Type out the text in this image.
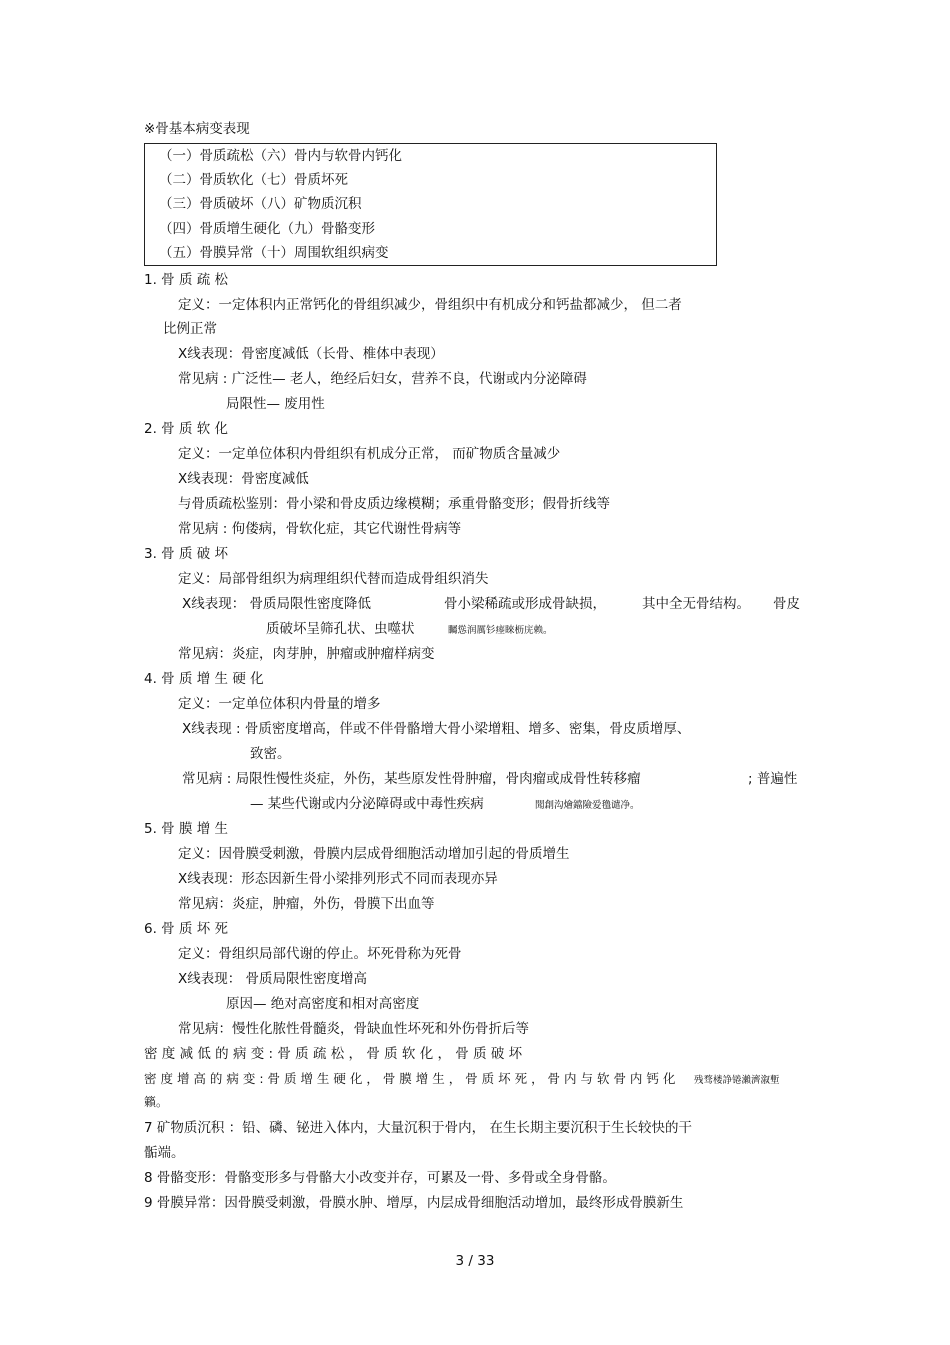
※骨基本病变表现
（一）骨质疏松（六）骨内与软骨内钙化
（二）骨质软化（七）骨质坏死
（三）骨质破坏（八）矿物质沉积
（四）骨质增生硬化（九）骨骼变形
（五）骨膜异常（十）周围软组织病变
1. 骨 质 疏 松
定义：一定体积内正常钙化的骨组织减少，骨组织中有机成分和钙盐都减少， 但二者
比例正常
X线表现：骨密度减低（长骨、椎体中表现）
常见病 : 广泛性— 老人，绝经后妇女，营养不良，代谢或内分泌障碍
局限性— 废用性
2. 骨 质 软 化
定义：一定单位体积内骨组织有机成分正常， 而矿物质含量减少
X线表现：骨密度减低
与骨质疏松鉴别：骨小梁和骨皮质边缘模糊；承重骨骼变形；假骨折线等
常见病 : 佝偻病，骨软化症，其它代谢性骨病等
3. 骨 质 破 坏
定义：局部骨组织为病理组织代替而造成骨组织消失
X线表现： 骨质局限性密度降低	骨小梁稀疏或形成骨缺损，	其中全无骨结构。 骨皮
质破坏呈筛孔状、虫噬状	矚慫润厲钐瘗睞枥庑赖。
常见病：炎症，肉芽肿，肿瘤或肿瘤样病变
4. 骨 质 增 生 硬 化
定义：一定单位体积内骨量的增多
X线表现 : 骨质密度增高，伴或不伴骨骼增大骨小梁增粗、增多、密集，骨皮质增厚、
致密。
常见病 : 局限性慢性炎症，外伤，某些原发性骨肿瘤，骨肉瘤或成骨性转移瘤	; 普遍性
— 某些代谢或内分泌障碍或中毒性疾病	聞創沟燴鐺險爱氇谴净。
5. 骨 膜 增 生
定义：因骨膜受刺激，骨膜内层成骨细胞活动增加引起的骨质增生
X线表现：形态因新生骨小梁排列形式不同而表现亦异
常见病：炎症，肿瘤，外伤，骨膜下出血等
6. 骨 质 坏 死
定义：骨组织局部代谢的停止。坏死骨称为死骨
X线表现： 骨质局限性密度增高
原因— 绝对高密度和相对高密度
常见病：慢性化脓性骨髓炎，骨缺血性坏死和外伤骨折后等
密 度 减 低 的 病 变 : 骨 质 疏 松 ， 骨 质 软 化 ， 骨 质 破 坏
密 度 增 高 的 病 变 : 骨 质 增 生 硬 化 ， 骨 膜 增 生 ， 骨 质 坏 死 ， 骨 内 与 软 骨 内 钙 化 残骛楼諍锩瀨濟溆塹
籟。
7 矿物质沉积 ：铅、磷、铋进入体内，大量沉积于骨内， 在生长期主要沉积于生长较快的干
骺端。
8 骨骼变形：骨骼变形多与骨骼大小改变并存，可累及一骨、多骨或全身骨骼。
9 骨膜异常：因骨膜受刺激，骨膜水肿、增厚，内层成骨细胞活动增加，最终形成骨膜新生
3 / 33
